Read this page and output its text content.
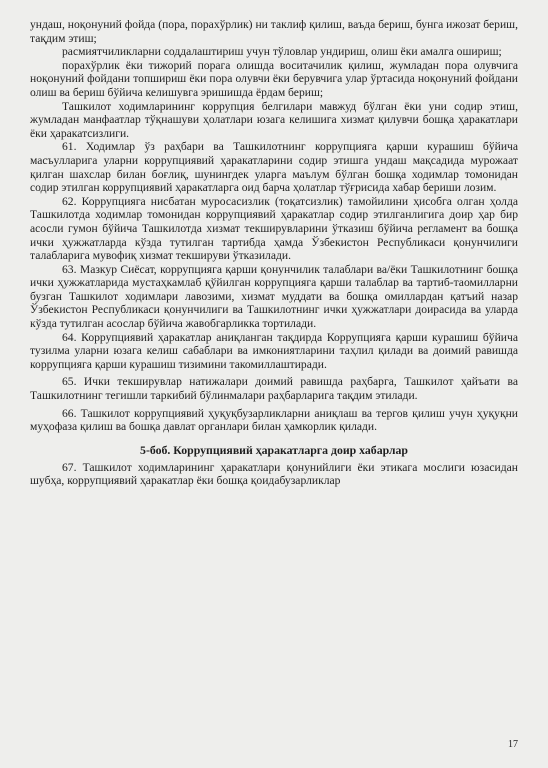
ундаш, ноқонуний фойда (пора, порахўрлик) ни таклиф қилиш, ваъда бериш, бунга ижозат бериш, тақдим этиш;

расмиятчиликларни соддалаштириш учун тўловлар ундириш, олиш ёки амалга ошириш;

порахўрлик ёки тижорий порага олишда воситачилик қилиш, жумладан пора олувчига ноқонуний фойдани топшириш ёки пора олувчи ёки берувчига улар ўртасида ноқонуний фойдани олиш ва бериш бўйича келишувга эришишда ёрдам бериш;

Ташкилот ходимларининг коррупция белгилари мавжуд бўлган ёки уни содир этиш, жумладан манфаатлар тўқнашуви ҳолатлари юзага келишига хизмат қилувчи бошқа ҳаракатлари ёки ҳаракатсизлиги.

61. Ходимлар ўз раҳбари ва Ташкилотнинг коррупцияга қарши курашиш бўйича масъулларига уларни коррупциявий ҳаракатларини содир этишга ундаш мақсадида мурожаат қилган шахслар билан боғлиқ, шунингдек уларга маълум бўлган бошқа ходимлар томонидан содир этилган коррупциявий ҳаракатларга оид барча ҳолатлар тўғрисида хабар бериши лозим.

62. Коррупцияга нисбатан муросасизлик (тоқатсизлик) тамойилини ҳисобга олган ҳолда Ташкилотда ходимлар томонидан коррупциявий ҳаракатлар содир этилганлигига доир ҳар бир асосли гумон бўйича Ташкилотда хизмат текширувларини ўтказиш бўйича регламент ва бошқа ички ҳужжатларда кўзда тутилган тартибда ҳамда Ўзбекистон Республикаси қонунчилиги талабларига мувофиқ хизмат текшируви ўтказилади.

63. Мазкур Сиёсат, коррупцияга қарши қонунчилик талаблари ва/ёки Ташкилотнинг бошқа ички ҳужжатларида мустаҳкамлаб қўйилган коррупцияга қарши талаблар ва тартиб-таомилларни бузган Ташкилот ходимлари лавозими, хизмат муддати ва бошқа омиллардан қатъий назар Ўзбекистон Республикаси қонунчилиги ва Ташкилотнинг ички ҳужжатлари доирасида ва уларда кўзда тутилган асослар бўйича жавобгарликка тортилади.

64. Коррупциявий ҳаракатлар аниқланган тақдирда Коррупцияга қарши курашиш бўйича тузилма уларни юзага келиш сабаблари ва имкониятларини таҳлил қилади ва доимий равишда коррупцияга қарши курашиш тизимини такомиллаштиради.

65. Ички текширувлар натижалари доимий равишда раҳбарга, Ташкилот ҳайъати ва Ташкилотнинг тегишли таркибий бўлинмалари раҳбарларига тақдим этилади.

66. Ташкилот коррупциявий ҳуқуқбузарликларни аниқлаш ва тергов қилиш учун ҳуқуқни муҳофаза қилиш ва бошқа давлат органлари билан ҳамкорлик қилади.

5-боб. Коррупциявий ҳаракатларга доир хабарлар

67. Ташкилот ходимларининг ҳаракатлари қонунийлиги ёки этикага мослиги юзасидан шубҳа, коррупциявий ҳаракатлар ёки бошқа қоидабузарликлар

17
